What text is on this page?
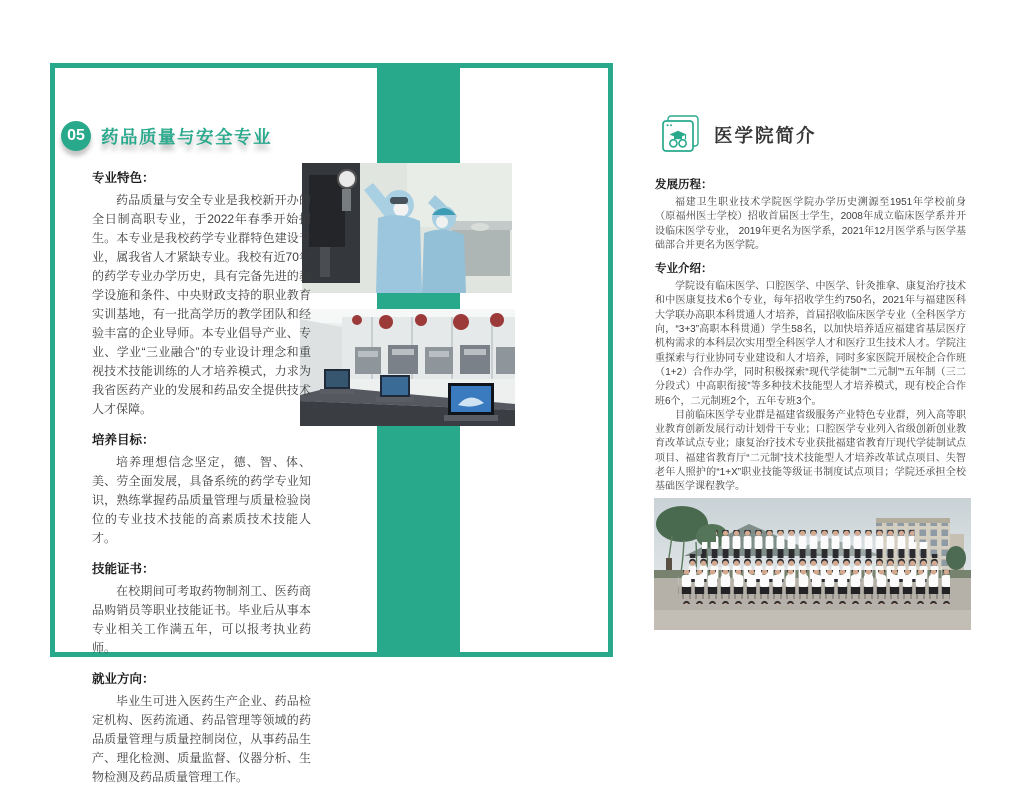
05 药品质量与安全专业
专业特色：

药品质量与安全专业是我校新开办的全日制高职专业，于2022年春季开始招生。本专业是我校药学专业群特色建设专业，属我省人才紧缺专业。我校有近70年的药学专业办学历史，具有完备先进的教学设施和条件、中央财政支持的职业教育实训基地，有一批高学历的教学团队和经验丰富的企业导师。本专业倡导产业、专业、学业“三业融合”的专业设计理念和重视技术技能训练的人才培养模式，力求为我省医药产业的发展和药品安全提供技术人才保障。

培养目标：

培养理想信念坚定，德、智、体、美、劳全面发展，具备系统的药学专业知识，熟练掌握药品质量管理与质量检验岗位的专业技术技能的高素质技术技能人才。

技能证书：

在校期间可考取药物制剂工、医药商品购销员等职业技能证书。毕业后从事本专业相关工作满五年，可以报考执业药师。

就业方向：

毕业生可进入医药生产企业、药品检定机构、医药流通、药品管理等领域的药品质量管理与质量控制岗位，从事药品生产、理化检测、质量监督、仪器分析、生物检测及药品质量管理工作。

医学院简介
发展历程：

福建卫生职业技术学院医学院办学历史溯源至1951年学校前身（原福州医士学校）招收首届医士学生，2008年成立临床医学系并开设临床医学专业， 2019年更名为医学系，2021年12月医学系与医学基础部合并更名为医学院。

专业介绍：

学院设有临床医学、口腔医学、中医学、针灸推拿、康复治疗技术和中医康复技术6个专业，每年招收学生约750名，2021年与福建医科大学联办高职本科贯通人才培养，首届招收临床医学专业（全科医学方向，“3+3”高职本科贯通）学生58名，以加快培养适应福建省基层医疗机构需求的本科层次实用型全科医学人才和医疗卫生技术人才。学院注重探索与行业协同专业建设和人才培养，同时多家医院开展校企合作班（1+2）合作办学，同时积极探索“现代学徒制”“二元制”“五年制（三二分段式）中高职衔接”等多种技术技能型人才培养模式，现有校企合作班6个，二元制班2个，五年专班3个。

目前临床医学专业群是福建省级服务产业特色专业群，列入高等职业教育创新发展行动计划骨干专业；口腔医学专业列入省级创新创业教育改革试点专业；康复治疗技术专业获批福建省教育厅现代学徒制试点项目、福建省教育厅“二元制”技术技能型人才培养改革试点项目、失智老年人照护的“1+X”职业技能等级证书制度试点项目；学院还承担全校基础医学课程教学。
